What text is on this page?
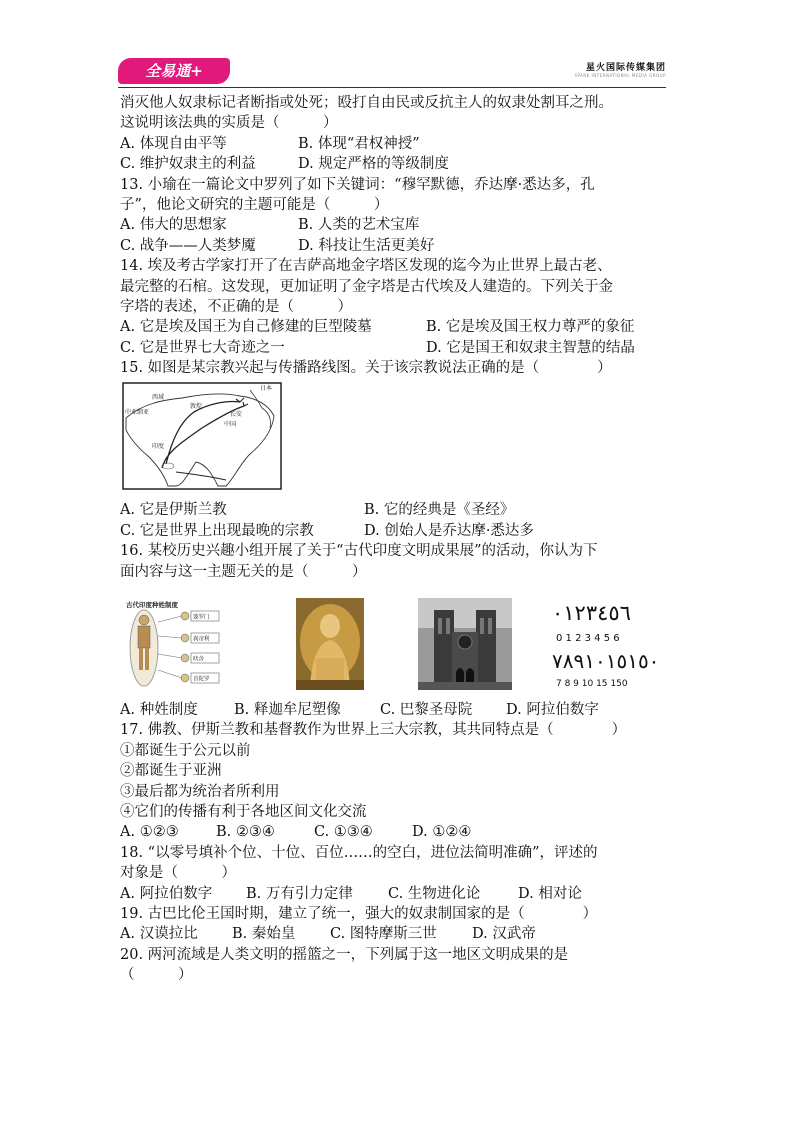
全易通+	星火国际传媒集团
SPARK INTERNATIONAL MEDIA GROUP
消灭他人奴隶标记者断指或处死；殴打自由民或反抗主人的奴隶处割耳之刑。
这说明该法典的实质是（　　　）
A. 体现自由平等	B. 体现“君权神授”
C. 维护奴隶主的利益	D. 规定严格的等级制度
13. 小瑜在一篇论文中罗列了如下关键词：“穆罕默德，乔达摩·悉达多，孔
子”，他论文研究的主题可能是（　　　）
A. 伟大的思想家	B. 人类的艺术宝库
C. 战争——人类梦魇	D. 科技让生活更美好
14. 埃及考古学家打开了在吉萨高地金字塔区发现的迄今为止世界上最古老、
最完整的石棺。这发现，更加证明了金字塔是古代埃及人建造的。下列关于金
字塔的表述，不正确的是（　　　）
A. 它是埃及国王为自己修建的巨型陵墓	B. 它是埃及国王权力尊严的象征
C. 它是世界七大奇迹之一	D. 它是国王和奴隶主智慧的结晶
15. 如图是某宗教兴起与传播路线图。关于该宗教说法正确的是（　　　　）
西域
敦煌
长安
中国
中亚细亚
印度
日本
A. 它是伊斯兰教	B. 它的经典是《圣经》
C. 它是世界上出现最晚的宗教	D. 创始人是乔达摩·悉达多
16. 某校历史兴趣小组开展了关于“古代印度文明成果展”的活动，你认为下
面内容与这一主题无关的是（　　　）
古代印度种姓制度
婆罗门
刹帝利
吠舍
首陀罗
٠١٢٣٤٥٦
0 1 2 3 4 5 6
٧٨٩١٠١٥١٥٠
7 8 9 10 15 150
A. 种姓制度	B. 释迦牟尼塑像	C. 巴黎圣母院 D. 阿拉伯数字
17. 佛教、伊斯兰教和基督教作为世界上三大宗教，其共同特点是（　　　　）
①都诞生于公元以前
②都诞生于亚洲
③最后都为统治者所利用
④它们的传播有利于各地区间文化交流
A. ①②③	B. ②③④	C. ①③④	D. ①②④
18. “以零号填补个位、十位、百位……的空白，进位法简明准确”，评述的
对象是（　　　）
A. 阿拉伯数字 B. 万有引力定律 C. 生物进化论	D. 相对论
19. 古巴比伦王国时期，建立了统一，强大的奴隶制国家的是（　　　　）
A. 汉谟拉比 B. 秦始皇 C. 图特摩斯三世 D. 汉武帝
20. 两河流域是人类文明的摇篮之一，下列属于这一地区文明成果的是
（　　　）
